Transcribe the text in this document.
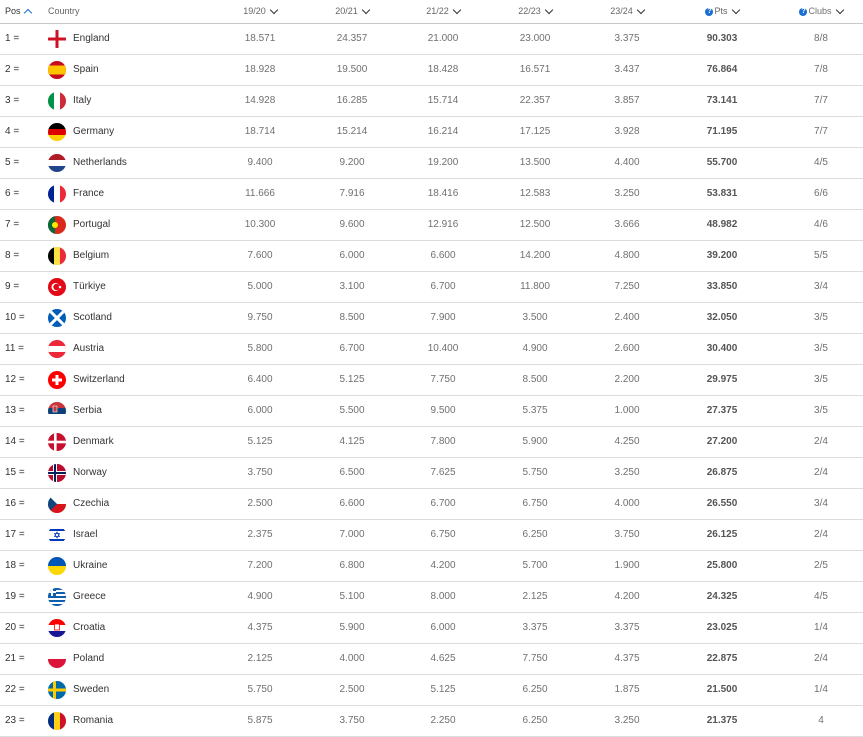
Pos	Country	19/20	20/21	21/22	22/23	23/24	? Pts	? Clubs
1 =	England	18.571	24.357	21.000	23.000	3.375	90.303	8/8
2 =	Spain	18.928	19.500	18.428	16.571	3.437	76.864	7/8
3 =	Italy	14.928	16.285	15.714	22.357	3.857	73.141	7/7
4 =	Germany	18.714	15.214	16.214	17.125	3.928	71.195	7/7
5 =	Netherlands	9.400	9.200	19.200	13.500	4.400	55.700	4/5
6 =	France	11.666	7.916	18.416	12.583	3.250	53.831	6/6
7 =	Portugal	10.300	9.600	12.916	12.500	3.666	48.982	4/6
8 =	Belgium	7.600	6.000	6.600	14.200	4.800	39.200	5/5
9 =	Türkiye	5.000	3.100	6.700	11.800	7.250	33.850	3/4
10 =	Scotland	9.750	8.500	7.900	3.500	2.400	32.050	3/5
11 =	Austria	5.800	6.700	10.400	4.900	2.600	30.400	3/5
12 =	Switzerland	6.400	5.125	7.750	8.500	2.200	29.975	3/5
13 =	Serbia	6.000	5.500	9.500	5.375	1.000	27.375	3/5
14 =	Denmark	5.125	4.125	7.800	5.900	4.250	27.200	2/4
15 =	Norway	3.750	6.500	7.625	5.750	3.250	26.875	2/4
16 =	Czechia	2.500	6.600	6.700	6.750	4.000	26.550	3/4
17 =	Israel	2.375	7.000	6.750	6.250	3.750	26.125	2/4
18 =	Ukraine	7.200	6.800	4.200	5.700	1.900	25.800	2/5
19 =	Greece	4.900	5.100	8.000	2.125	4.200	24.325	4/5
20 =	Croatia	4.375	5.900	6.000	3.375	3.375	23.025	1/4
21 =	Poland	2.125	4.000	4.625	7.750	4.375	22.875	2/4
22 =	Sweden	5.750	2.500	5.125	6.250	1.875	21.500	1/4
23 =	Romania	5.875	3.750	2.250	6.250	3.250	21.375	4
